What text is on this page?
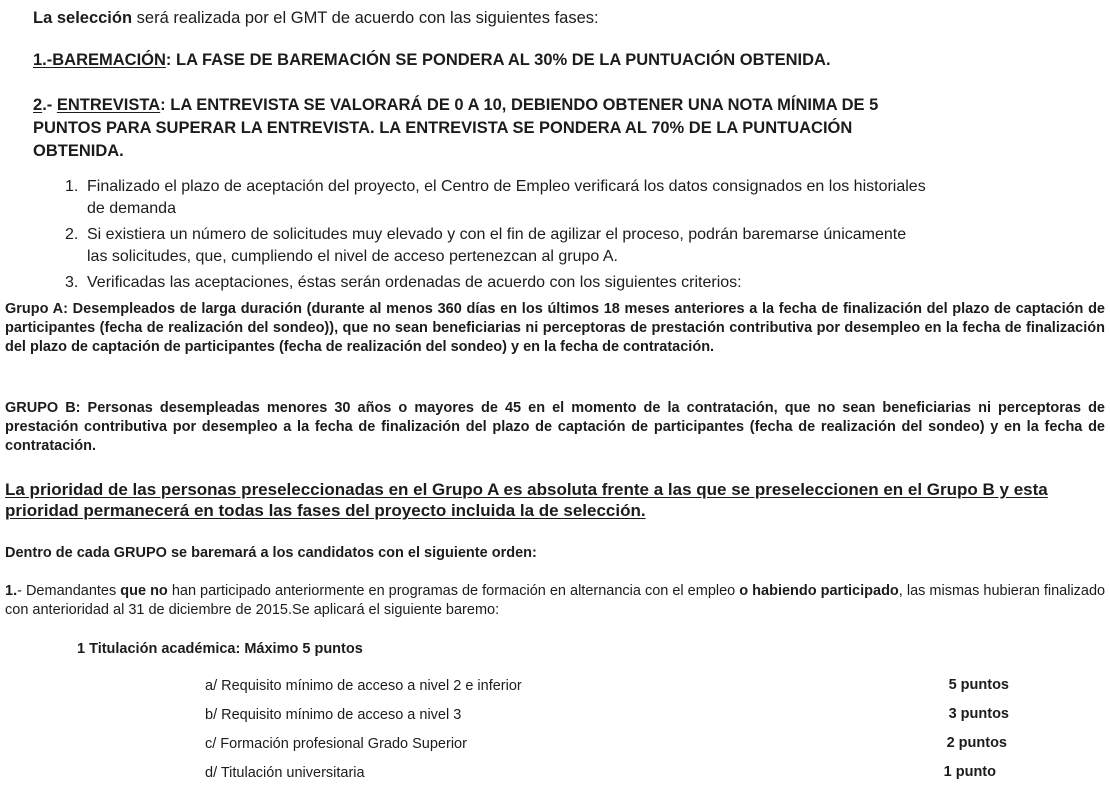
La selección será realizada por el GMT de acuerdo con las siguientes fases:
1.-BAREMACIÓN: LA FASE DE BAREMACIÓN SE PONDERA AL 30% DE LA PUNTUACIÓN OBTENIDA.
2.- ENTREVISTA: LA ENTREVISTA SE VALORARÁ DE 0 A 10, DEBIENDO OBTENER UNA NOTA MÍNIMA DE 5
PUNTOS PARA SUPERAR LA ENTREVISTA. LA ENTREVISTA SE PONDERA AL 70% DE LA PUNTUACIÓN
OBTENIDA.
1. Finalizado el plazo de aceptación del proyecto, el Centro de Empleo verificará los datos consignados en los historiales
de demanda
2. Si existiera un número de solicitudes muy elevado y con el fin de agilizar el proceso, podrán baremarse únicamente
las solicitudes, que, cumpliendo el nivel de acceso pertenezcan al grupo A.
3. Verificadas las aceptaciones, éstas serán ordenadas de acuerdo con los siguientes criterios:
Grupo A: Desempleados de larga duración (durante al menos 360 días en los últimos 18 meses anteriores a la fecha de finalización del plazo de captación de participantes (fecha de realización del sondeo)), que no sean beneficiarias ni perceptoras de prestación contributiva por desempleo en la fecha de finalización del plazo de captación de participantes (fecha de realización del sondeo) y en la fecha de contratación.
GRUPO B: Personas desempleadas menores 30 años o mayores de 45 en el momento de la contratación, que no sean beneficiarias ni perceptoras de prestación contributiva por desempleo a la fecha de finalización del plazo de captación de participantes (fecha de realización del sondeo) y en la fecha de contratación.
La prioridad de las personas preseleccionadas en el Grupo A es absoluta frente a las que se preseleccionen en el Grupo B y esta prioridad permanecerá en todas las fases del proyecto incluida la de selección.
Dentro de cada GRUPO se baremará a los candidatos con el siguiente orden:
1.- Demandantes que no han participado anteriormente en programas de formación en alternancia con el empleo o habiendo participado, las mismas hubieran finalizado con anterioridad al 31 de diciembre de 2015.Se aplicará el siguiente baremo:
1 Titulación académica: Máximo 5 puntos
a/ Requisito mínimo de acceso a nivel 2 e inferior	5 puntos
b/ Requisito mínimo de acceso a nivel 3	3 puntos
c/ Formación profesional Grado Superior	2 puntos
d/ Titulación universitaria	1 punto
